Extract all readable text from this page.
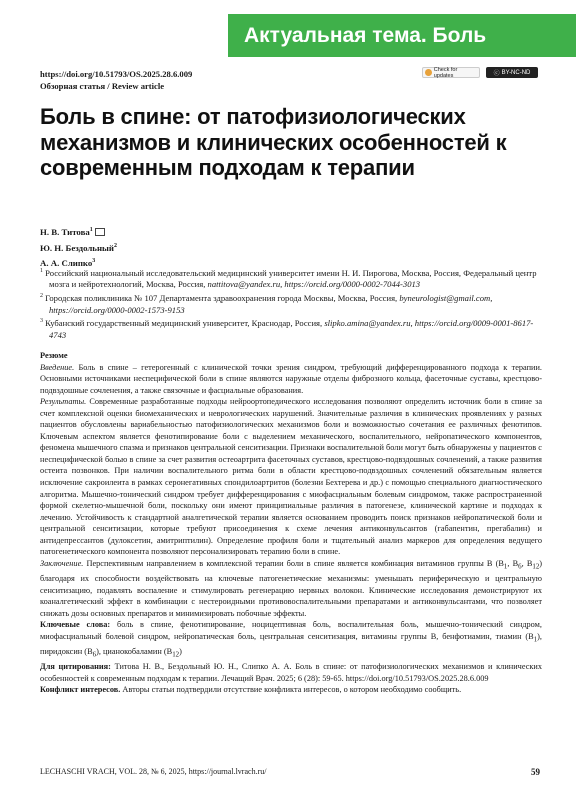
Актуальная тема. Боль
https://doi.org/10.51793/OS.2025.28.6.009
Обзорная статья / Review article
Check for updates	ⓒ BY-NC-ND
Боль в спине: от патофизиологических механизмов и клинических особенностей к современным подходам к терапии
Н. В. Титова$^1$
Ю. Н. Бездольный$^2$
А. А. Слипко$^3$
$^1$ Российский национальный исследовательский медицинский университет имени Н. И. Пирогова, Москва, Россия, Федеральный центр мозга и нейротехнологий, Москва, Россия, nattitova@yandex.ru, https://orcid.org/0000-0002-7044-3013
$^2$ Городская поликлиника № 107 Департамента здравоохранения города Москвы, Москва, Россия, byneurologist@gmail.com, https://orcid.org/0000-0002-1573-9153
$^3$ Кубанский государственный медицинский университет, Краснодар, Россия, slipko.amina@yandex.ru, https://orcid.org/0009-0001-8617-4743

Резюме

Введение. Боль в спине – гетерогенный с клинической точки зрения синдром, требующий дифференцированного подхода к терапии. Основными источниками неспецифической боли в спине являются наружные отделы фиброзного кольца, фасеточные суставы, крестцово-подвздошные сочленения, а также связочные и фасциальные образования.

Результаты. Современные разработанные подходы нейроортопедического исследования позволяют определить источник боли в спине за счет комплексной оценки биомеханических и неврологических нарушений. Значительные различия в клинических проявлениях у разных пациентов обусловлены вариабельностью патофизиологических механизмов боли и возможностью сочетания ее различных фенотипов. Ключевым аспектом является фенотипирование боли с выделением механического, воспалительного, нейропатического компонентов, феномена мышечного спазма и признаков центральной сенситизации. Признаки воспалительной боли могут быть обнаружены у пациентов с неспецифической болью в спине за счет развития остеоартрита фасеточных суставов, крестцово-подвздошных сочленений, а также развития остеита позвонков. При наличии воспалительного ритма боли в области крестцово-подвздошных сочленений обязательным является исключение сакроилеита в рамках серонегативных спондилоартритов (болезни Бехтерева и др.) с помощью специального диагностического алгоритма. Мышечно-тонический синдром требует дифференцирования с миофасциальным болевым синдромом, также распространенной формой скелетно-мышечной боли, поскольку они имеют принципиальные различия в патогенезе, клинической картине и подходах к лечению. Устойчивость к стандартной аналгетической терапии является основанием проводить поиск признаков нейропатической боли и центральной сенситизации, которые требуют присоединения к схеме лечения антиконвульсантов (габапентин, прегабалин) и антидепрессантов (дулоксетин, амитриптилин). Определение профиля боли и тщательный анализ маркеров для определения ведущего патогенетического компонента позволяют персонализировать терапию боли в спине.

Заключение. Перспективным направлением в комплексной терапии боли в спине является комбинация витаминов группы В ($В_1$, $В_6$, $В_{12}$) благодаря их способности воздействовать на ключевые патогенетические механизмы: уменьшать периферическую и центральную сенситизацию, подавлять воспаление и стимулировать регенерацию нервных волокон. Клинические исследования демонстрируют их коаналгетический эффект в комбинации с нестероидными противовоспалительными препаратами и антиконвульсантами, что позволяет снижать дозы основных препаратов и минимизировать побочные эффекты.

Ключевые слова: боль в спине, фенотипирование, ноцицептивная боль, воспалительная боль, мышечно-тонический синдром, миофасциальный болевой синдром, нейропатическая боль, центральная сенситизация, витамины группы В, бенфотиамин, тиамин $(B_1)$, пиридоксин $(B_6)$, цианокобаламин $(B_{12})$

Для цитирования: Титова Н. В., Бездольный Ю. Н., Слипко А. А. Боль в спине: от патофизиологических механизмов и клинических особенностей к современным подходам к терапии. Лечащий Врач. 2025; 6 (28): 59-65. https://doi.org/10.51793/OS.2025.28.6.009

Конфликт интересов. Авторы статьи подтвердили отсутствие конфликта интересов, о котором необходимо сообщить.

LECHASCHI VRACH, VOL. 28, № 6, 2025, https://journal.lvrach.ru/	59
